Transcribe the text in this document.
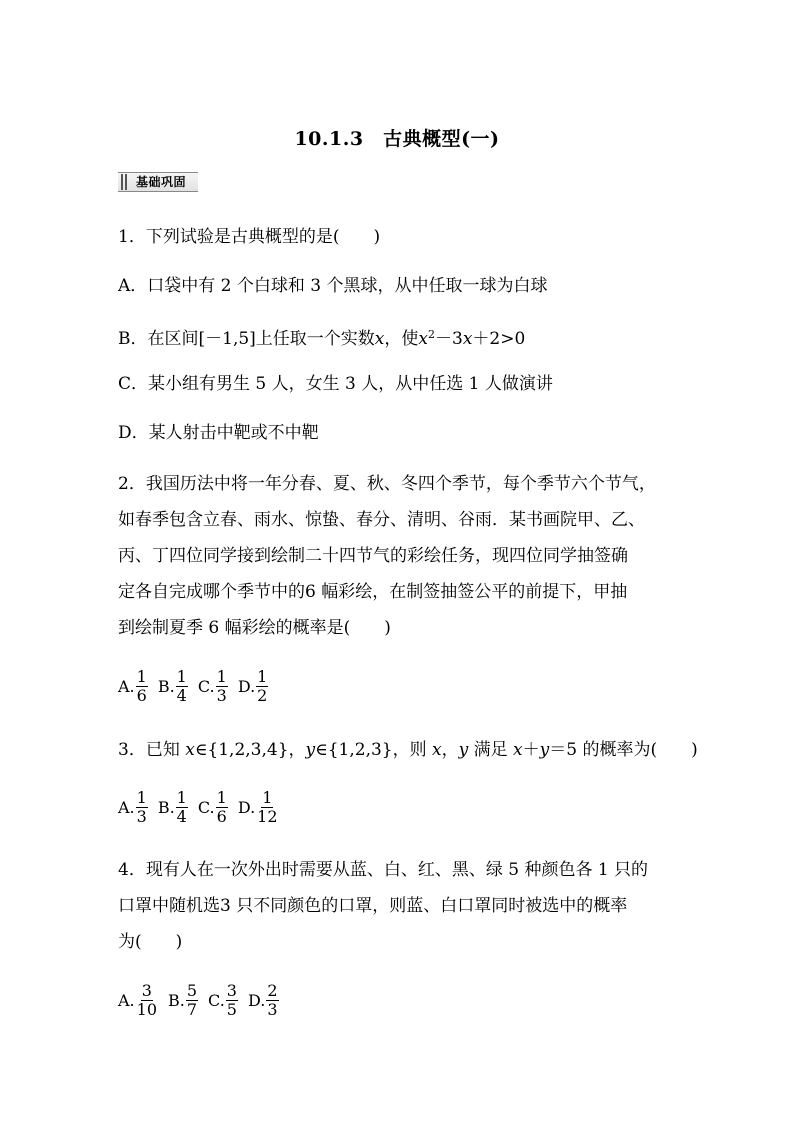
10.1.3　古典概型(一)
基础巩固
1．下列试验是古典概型的是(　　)
A．口袋中有 2 个白球和 3 个黑球，从中任取一球为白球
B．在区间[－1,5]上任取一个实数x，使$x^2-3x+2>0$
C．某小组有男生 5 人，女生 3 人，从中任选 1 人做演讲
D．某人射击中靶或不中靶
2．我国历法中将一年分春、夏、秋、冬四个季节，每个季节六个节气，
如春季包含立春、雨水、惊蛰、春分、清明、谷雨．某书画院甲、乙、
丙、丁四位同学接到绘制二十四节气的彩绘任务，现四位同学抽签确
定各自完成哪个季节中的6 幅彩绘，在制签抽签公平的前提下，甲抽
到绘制夏季 6 幅彩绘的概率是(　　)
A. $\frac{1}{6} B$. $\frac{1}{4} C$. $\frac{1}{3} D$. $\frac{1}{2}$
3．已知 x∈{1,2,3,4}，y∈{1,2,3}，则 x，y 满足 x＋y＝5 的概率为(　　)
A. $\frac{1}{3} B$. $\frac{1}{4} C$. $\frac{1}{6} D$. $\frac{1}{12}$
4．现有人在一次外出时需要从蓝、白、红、黑、绿 5 种颜色各 1 只的
口罩中随机选3 只不同颜色的口罩，则蓝、白口罩同时被选中的概率
为(　　)
A. $\frac{3}{10} B$. $\frac{5}{7} C$. $\frac{3}{5} D$. $\frac{2}{3}$
